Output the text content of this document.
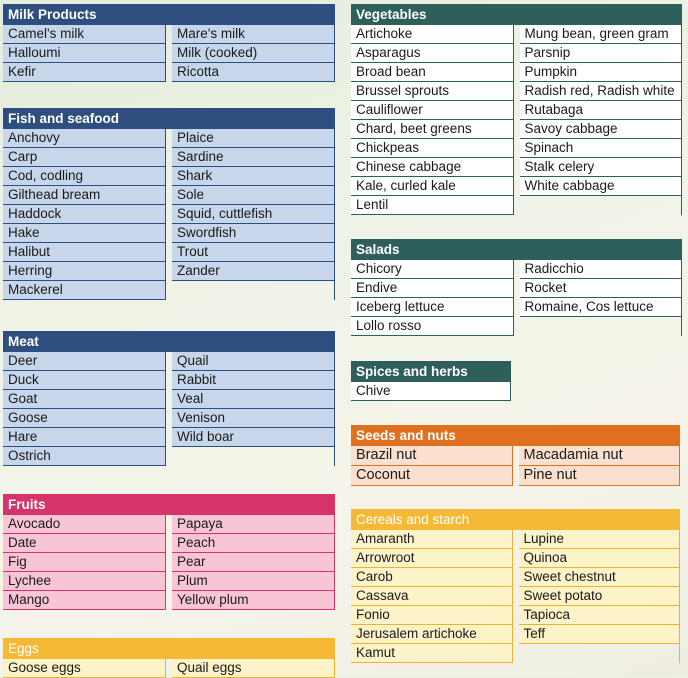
Milk Products
Camel's milk
Halloumi
Kefir
Mare's milk
Milk (cooked)
Ricotta
Fish and seafood
Anchovy
Carp
Cod, codling
Gilthead bream
Haddock
Hake
Halibut
Herring
Mackerel
Plaice
Sardine
Shark
Sole
Squid, cuttlefish
Swordfish
Trout
Zander
Meat
Deer
Duck
Goat
Goose
Hare
Ostrich
Quail
Rabbit
Veal
Venison
Wild boar
Fruits
Avocado
Date
Fig
Lychee
Mango
Papaya
Peach
Pear
Plum
Yellow plum
Eggs
Goose eggs	Quail eggs
Vegetables
Artichoke
Asparagus
Broad bean
Brussel sprouts
Cauliflower
Chard, beet greens
Chickpeas
Chinese cabbage
Kale, curled kale
Lentil
Mung bean, green gram
Parsnip
Pumpkin
Radish red, Radish white
Rutabaga
Savoy cabbage
Spinach
Stalk celery
White cabbage
Salads
Chicory
Endive
Iceberg lettuce
Lollo rosso
Radicchio
Rocket
Romaine, Cos lettuce
Spices and herbs
Chive
Seeds and nuts
Brazil nut
Coconut
Macadamia nut
Pine nut
Cereals and starch
Amaranth
Arrowroot
Carob
Cassava
Fonio
Jerusalem artichoke
Kamut
Lupine
Quinoa
Sweet chestnut
Sweet potato
Tapioca
Teff
